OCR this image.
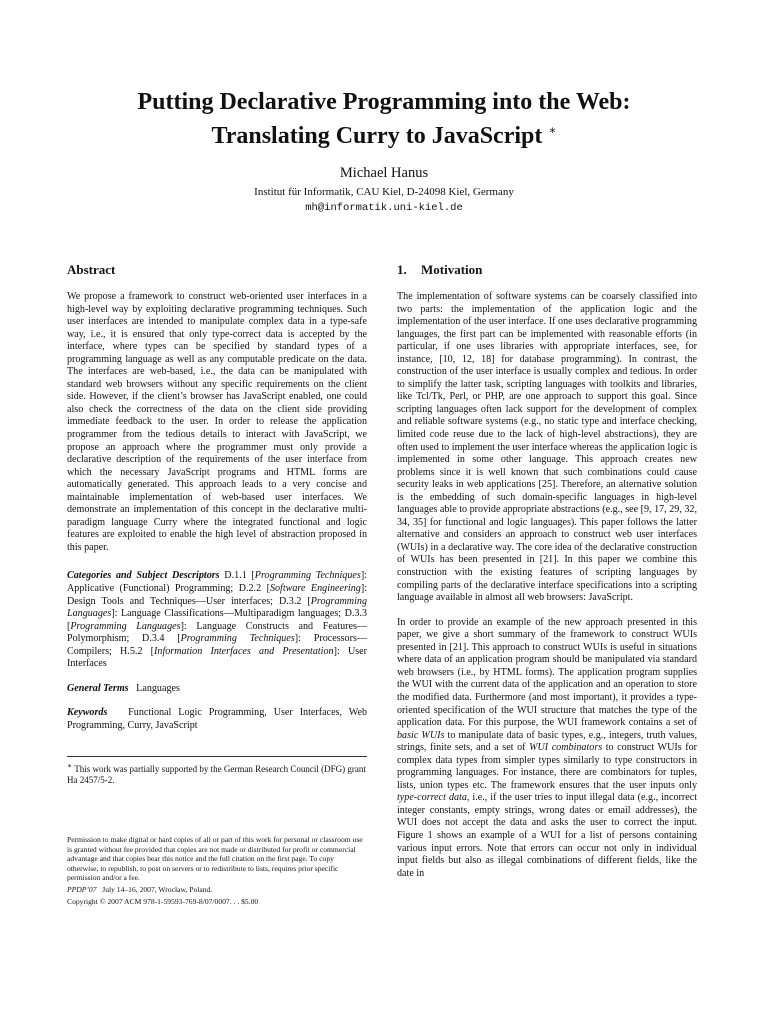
Putting Declarative Programming into the Web:
Translating Curry to JavaScript ∗
Michael Hanus
Institut für Informatik, CAU Kiel, D-24098 Kiel, Germany
mh@informatik.uni-kiel.de
Abstract

We propose a framework to construct web-oriented user interfaces in a high-level way by exploiting declarative programming techniques. Such user interfaces are intended to manipulate complex data in a type-safe way, i.e., it is ensured that only type-correct data is accepted by the interface, where types can be specified by standard types of a programming language as well as any computable predicate on the data. The interfaces are web-based, i.e., the data can be manipulated with standard web browsers without any specific requirements on the client side. However, if the client’s browser has JavaScript enabled, one could also check the correctness of the data on the client side providing immediate feedback to the user. In order to release the application programmer from the tedious details to interact with JavaScript, we propose an approach where the programmer must only provide a declarative description of the requirements of the user interface from which the necessary JavaScript programs and HTML forms are automatically generated. This approach leads to a very concise and maintainable implementation of web-based user interfaces. We demonstrate an implementation of this concept in the declarative multi-paradigm language Curry where the integrated functional and logic features are exploited to enable the high level of abstraction proposed in this paper.

Categories and Subject Descriptors D.1.1 [Programming Techniques]: Applicative (Functional) Programming; D.2.2 [Software Engineering]: Design Tools and Techniques—User interfaces; D.3.2 [Programming Languages]: Language Classifications—Multiparadigm languages; D.3.3 [Programming Languages]: Language Constructs and Features—Polymorphism; D.3.4 [Programming Techniques]: Processors—Compilers; H.5.2 [Information Interfaces and Presentation]: User Interfaces

General Terms Languages

Keywords Functional Logic Programming, User Interfaces, Web Programming, Curry, JavaScript

∗ This work was partially supported by the German Research Council (DFG) grant Ha 2457/5-2.

Permission to make digital or hard copies of all or part of this work for personal or classroom use is granted without fee provided that copies are not made or distributed for profit or commercial advantage and that copies bear this notice and the full citation on the first page. To copy otherwise, to republish, to post on servers or to redistribute to lists, requires prior specific permission and/or a fee.

PPDP’07 July 14–16, 2007, Wrocław, Poland.

Copyright © 2007 ACM 978-1-59593-769-8/07/0007. . . $5.00

1. Motivation

The implementation of software systems can be coarsely classified into two parts: the implementation of the application logic and the implementation of the user interface. If one uses declarative programming languages, the first part can be implemented with reasonable efforts (in particular, if one uses libraries with appropriate interfaces, see, for instance, [10, 12, 18] for database programming). In contrast, the construction of the user interface is usually complex and tedious. In order to simplify the latter task, scripting languages with toolkits and libraries, like Tcl/Tk, Perl, or PHP, are one approach to support this goal. Since scripting languages often lack support for the development of complex and reliable software systems (e.g., no static type and interface checking, limited code reuse due to the lack of high-level abstractions), they are often used to implement the user interface whereas the application logic is implemented in some other language. This approach creates new problems since it is well known that such combinations could cause security leaks in web applications [25]. Therefore, an alternative solution is the embedding of such domain-specific languages in high-level languages able to provide appropriate abstractions (e.g., see [9, 17, 29, 32, 34, 35] for functional and logic languages). This paper follows the latter alternative and considers an approach to construct web user interfaces (WUIs) in a declarative way. The core idea of the declarative construction of WUIs has been presented in [21]. In this paper we combine this construction with the existing features of scripting languages by compiling parts of the declarative interface specifications into a scripting language available in almost all web browsers: JavaScript.

In order to provide an example of the new approach presented in this paper, we give a short summary of the framework to construct WUIs presented in [21]. This approach to construct WUIs is useful in situations where data of an application program should be manipulated via standard web browsers (i.e., by HTML forms). The application program supplies the WUI with the current data of the application and an operation to store the modified data. Furthermore (and most important), it provides a type-oriented specification of the WUI structure that matches the type of the application data. For this purpose, the WUI framework contains a set of basic WUIs to manipulate data of basic types, e.g., integers, truth values, strings, finite sets, and a set of WUI combinators to construct WUIs for complex data types from simpler types similarly to type constructors in programming languages. For instance, there are combinators for tuples, lists, union types etc. The framework ensures that the user inputs only type-correct data, i.e., if the user tries to input illegal data (e.g., incorrect integer constants, empty strings, wrong dates or email addresses), the WUI does not accept the data and asks the user to correct the input. Figure 1 shows an example of a WUI for a list of persons containing various input errors. Note that errors can occur not only in individual input fields but also as illegal combinations of different fields, like the date in
